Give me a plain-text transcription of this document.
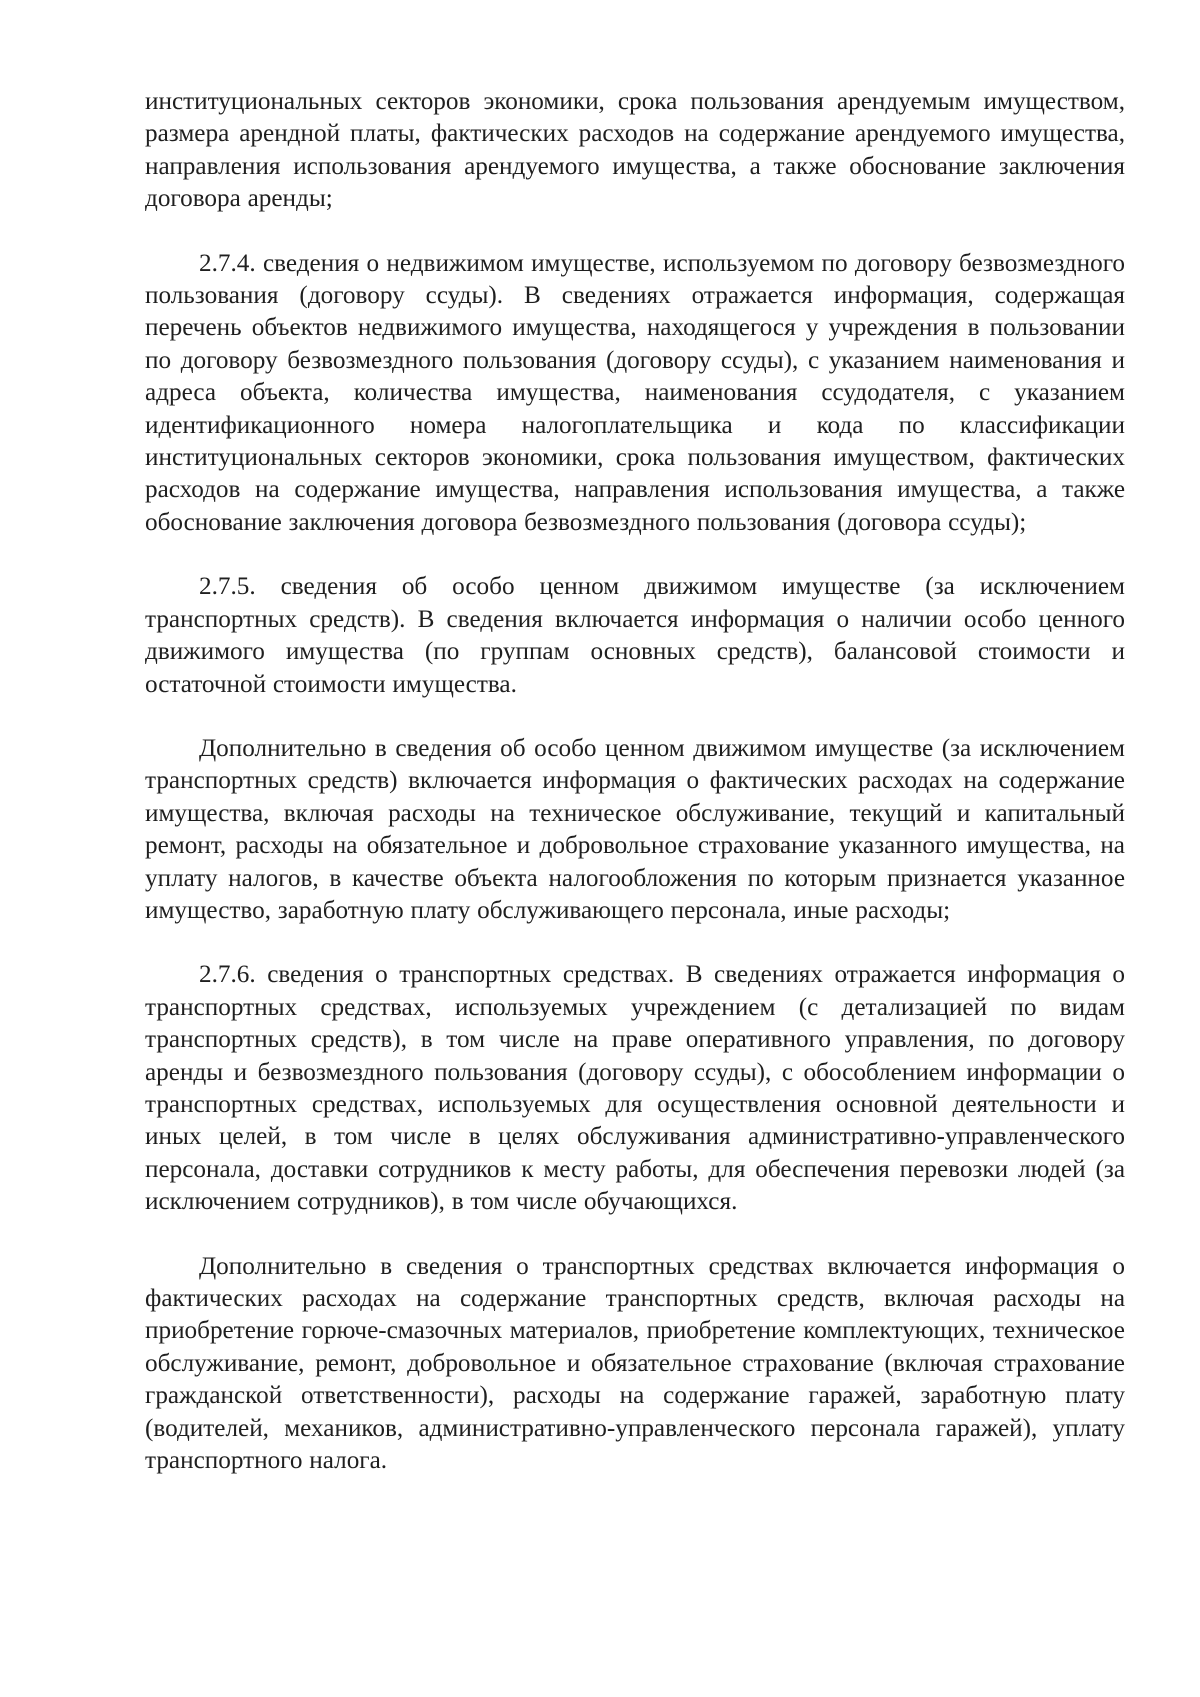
институциональных секторов экономики, срока пользования арендуемым имуществом, размера арендной платы, фактических расходов на содержание арендуемого имущества, направления использования арендуемого имущества, а также обоснование заключения договора аренды;

2.7.4. сведения о недвижимом имуществе, используемом по договору безвозмездного пользования (договору ссуды). В сведениях отражается информация, содержащая перечень объектов недвижимого имущества, находящегося у учреждения в пользовании по договору безвозмездного пользования (договору ссуды), с указанием наименования и адреса объекта, количества имущества, наименования ссудодателя, с указанием идентификационного номера налогоплательщика и кода по классификации институциональных секторов экономики, срока пользования имуществом, фактических расходов на содержание имущества, направления использования имущества, а также обоснование заключения договора безвозмездного пользования (договора ссуды);

2.7.5. сведения об особо ценном движимом имуществе (за исключением транспортных средств). В сведения включается информация о наличии особо ценного движимого имущества (по группам основных средств), балансовой стоимости и остаточной стоимости имущества.

Дополнительно в сведения об особо ценном движимом имуществе (за исключением транспортных средств) включается информация о фактических расходах на содержание имущества, включая расходы на техническое обслуживание, текущий и капитальный ремонт, расходы на обязательное и добровольное страхование указанного имущества, на уплату налогов, в качестве объекта налогообложения по которым признается указанное имущество, заработную плату обслуживающего персонала, иные расходы;

2.7.6. сведения о транспортных средствах. В сведениях отражается информация о транспортных средствах, используемых учреждением (с детализацией по видам транспортных средств), в том числе на праве оперативного управления, по договору аренды и безвозмездного пользования (договору ссуды), с обособлением информации о транспортных средствах, используемых для осуществления основной деятельности и иных целей, в том числе в целях обслуживания административно-управленческого персонала, доставки сотрудников к месту работы, для обеспечения перевозки людей (за исключением сотрудников), в том числе обучающихся.

Дополнительно в сведения о транспортных средствах включается информация о фактических расходах на содержание транспортных средств, включая расходы на приобретение горюче-смазочных материалов, приобретение комплектующих, техническое обслуживание, ремонт, добровольное и обязательное страхование (включая страхование гражданской ответственности), расходы на содержание гаражей, заработную плату (водителей, механиков, административно-управленческого персонала гаражей), уплату транспортного налога.
